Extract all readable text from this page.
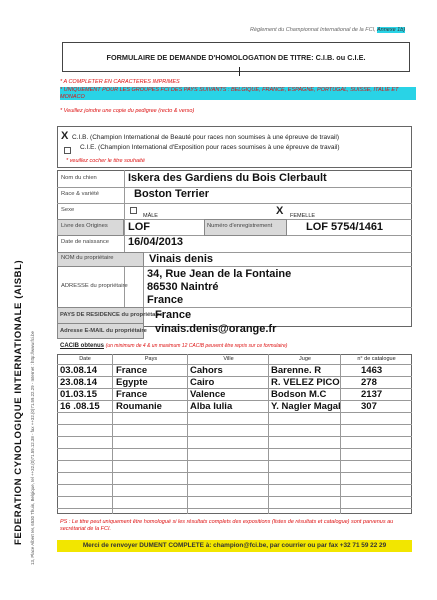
FEDERATION CYNOLOGIQUE INTERNATIONALE (AISBL) 13, Place Albert Ier, 6530 Thuin, Belgique, tel ++32.(0)71.59.12.38 - fax ++32.(0)71.59.22.29 - Internet : http://www.fci.be
Règlement du Championnat International de la FCI, Annexe 1b)
FORMULAIRE DE DEMANDE D'HOMOLOGATION DE TITRE: C.I.B. ou C.I.E.
* A COMPLETER EN CARACTERES IMPRIMES
* UNIQUEMENT POUR LES GROUPES FCI DES PAYS SUIVANTS : BELGIQUE, FRANCE, ESPAGNE, PORTUGAL, SUISSE, ITALIE ET MONACO
* Veuillez joindre une copie du pedigree (recto & verso)
X C.I.B. (Champion International de Beauté pour races non soumises à une épreuve de travail)
C.I.E. (Champion International d'Exposition pour races soumises à une épreuve de travail)
* veuillez cocher le titre souhaité
Nom du chien	Iskera des Gardiens du Bois Clerbault
Race & variété	Boston Terrier
Sexe
MÂLE	X FEMELLE
Livre des Origines LOF	Numéro d'enregistrement	LOF 5754/1461
Date de naissance 16/04/2013
NOM du propriétaire	Vinais denis
ADRESSE du propriétaire
34, Rue Jean de la Fontaine
86530 Naintré
France
PAYS DE RESIDENCE du propriétaire
France
Adresse E-MAIL du propriétaire vinais.denis@orange.fr
CACIB obtenus (un minimum de 4 & un maximum 12 CACIB peuvent être repris sur ce formulaire)
Date	Pays	Ville	Juge	n° de catalogue
03.08.14 France	Cahors	Barenne. R	1463
23.08.14 Egypte	Cairo	R. VELEZ PICO 278
01.03.15 France	Valence	Bodson M.C	2137
16 .08.15 Roumanie	Alba Iulia	Y. Nagler Magal 307
PS : Le titre peut uniquement être homologué si les résultats complets des expositions (listes de résultats et catalogue) sont parvenus au secrétariat de la FCI.
Merci de renvoyer DUMENT COMPLETE à: champion@fci.be, par courrier ou par fax +32 71 59 22 29
